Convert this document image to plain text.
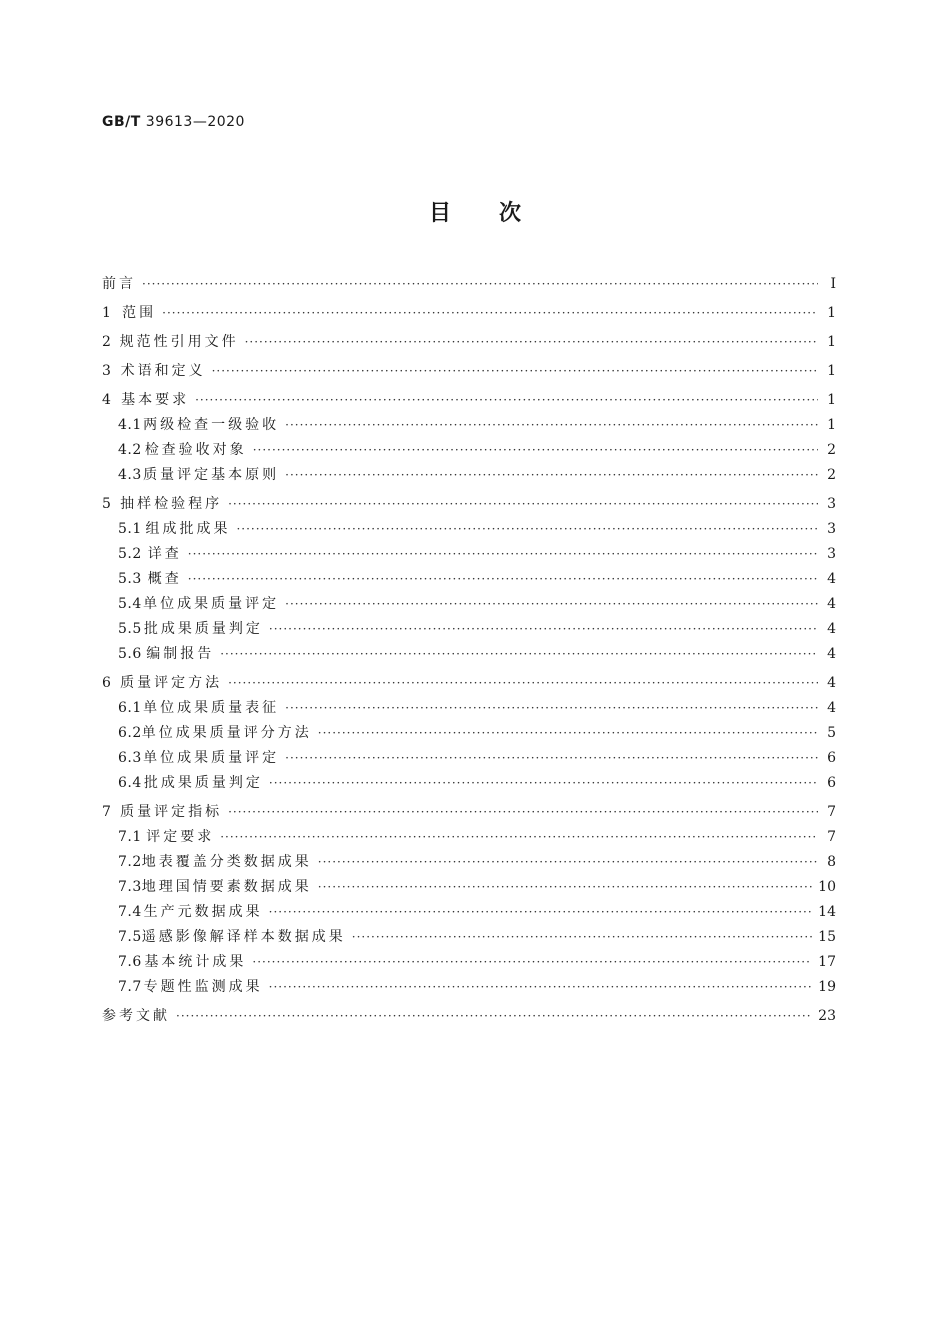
GB/T 39613—2020
目 次
前言 ·····	Ⅰ
1 范围 ·····	1
2 规范性引用文件 ·····	1
3 术语和定义 ·····	1
4 基本要求 ·····	1
4.1 两级检查一级验收 ·····	1
4.2 检查验收对象 ·····	2
4.3 质量评定基本原则 ·····	2
5 抽样检验程序 ·····	3
5.1 组成批成果 ·····	3
5.2 详查 ·····	3
5.3 概查 ·····	4
5.4 单位成果质量评定 ·····	4
5.5 批成果质量判定 ·····	4
5.6 编制报告 ·····	4
6 质量评定方法 ·····	4
6.1 单位成果质量表征 ·····	4
6.2 单位成果质量评分方法 ·····	5
6.3 单位成果质量评定 ·····	6
6.4 批成果质量判定 ·····	6
7 质量评定指标 ·····	7
7.1 评定要求 ·····	7
7.2 地表覆盖分类数据成果 ·····	8
7.3 地理国情要素数据成果 ·····	10
7.4 生产元数据成果 ·····	14
7.5 遥感影像解译样本数据成果 ·····	15
7.6 基本统计成果 ·····	17
7.7 专题性监测成果 ·····	19
参考文献 ·····	23
